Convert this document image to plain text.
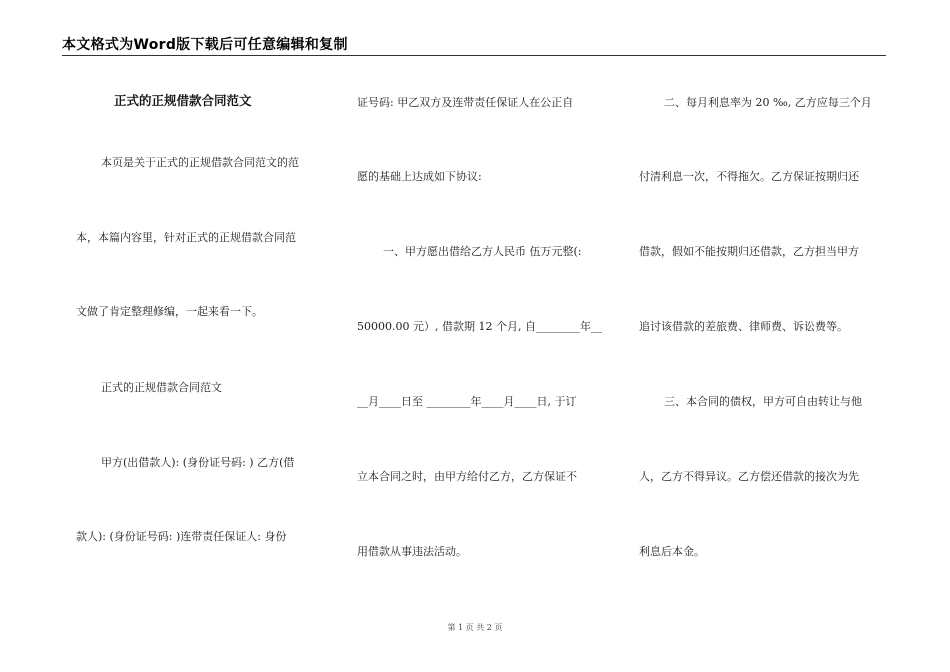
本文格式为Word版下载后可任意编辑和复制
正式的正规借款合同范文
本页是关于正式的正规借款合同范文的范
本，本篇内容里，针对正式的正规借款合同范
文做了肯定整理修编，一起来看一下。
正式的正规借款合同范文
甲方(出借款人): (身份证号码: ) 乙方(借
款人): (身份证号码: )连带责任保证人: 身份
证号码: 甲乙双方及连带责任保证人在公正自
愿的基础上达成如下协议:
一、甲方愿出借给乙方人民币 伍万元整(:
50000.00 元）, 借款期 12 个月, 自________年__
__月____日至 ________年____月____日, 于订
立本合同之时，由甲方给付乙方，乙方保证不
用借款从事违法活动。
二、每月利息率为 20 ‰, 乙方应每三个月
付清利息一次，不得拖欠。乙方保证按期归还
借款，假如不能按期归还借款，乙方担当甲方
追讨该借款的差旅费、律师费、诉讼费等。
三、本合同的债权，甲方可自由转让与他
人，乙方不得异议。乙方偿还借款的接次为先
利息后本金。
第 1 页 共 2 页
